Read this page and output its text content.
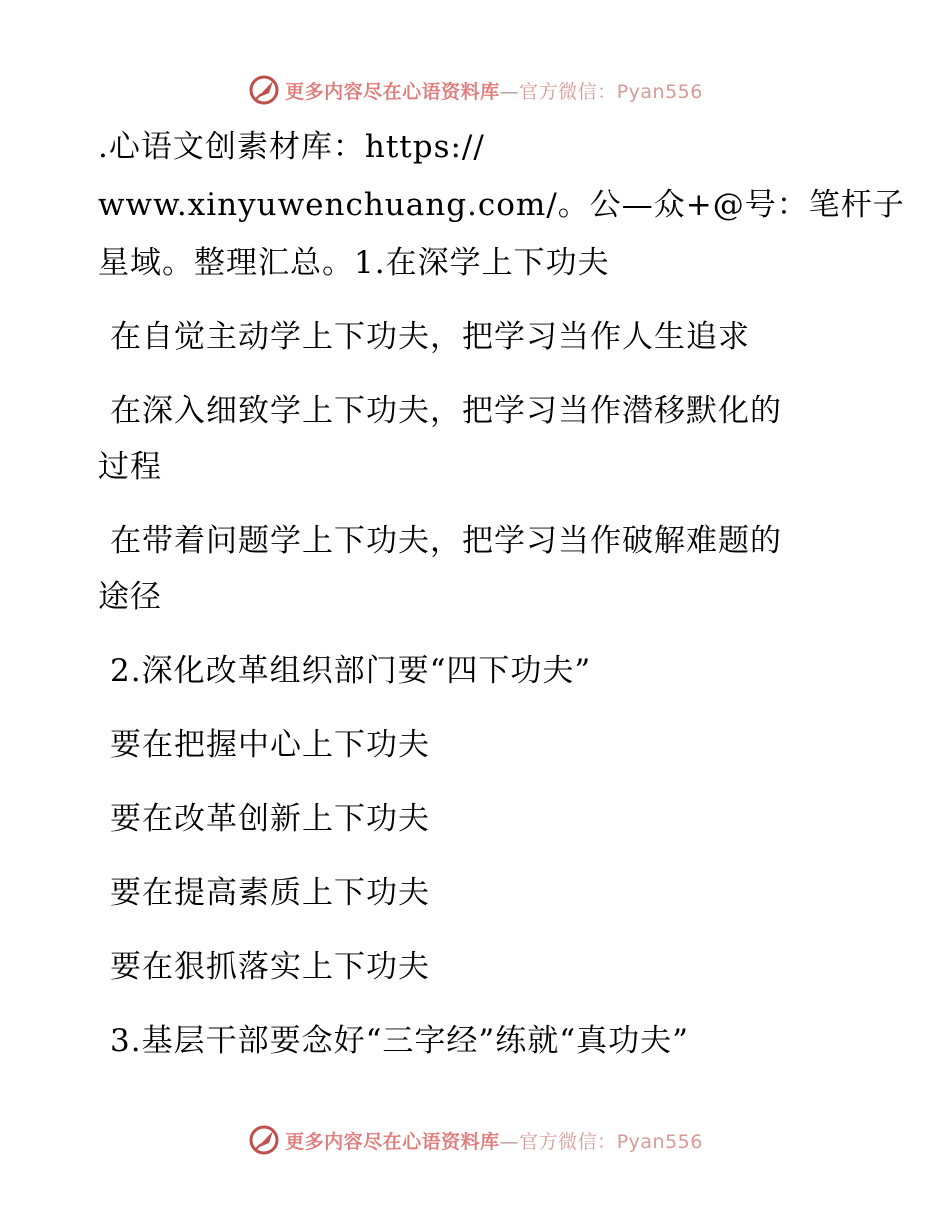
更多内容尽在心语资料库—官方微信：Pyan556
.心语文创素材库：https://
www.xinyuwenchuang.com/。公—众+@号：笔杆子
星域。整理汇总。1.在深学上下功夫
在自觉主动学上下功夫，把学习当作人生追求
在深入细致学上下功夫，把学习当作潜移默化的
过程
在带着问题学上下功夫，把学习当作破解难题的
途径
2.深化改革组织部门要“四下功夫”
要在把握中心上下功夫
要在改革创新上下功夫
要在提高素质上下功夫
要在狠抓落实上下功夫
3.基层干部要念好“三字经”练就“真功夫”
更多内容尽在心语资料库—官方微信：Pyan556
